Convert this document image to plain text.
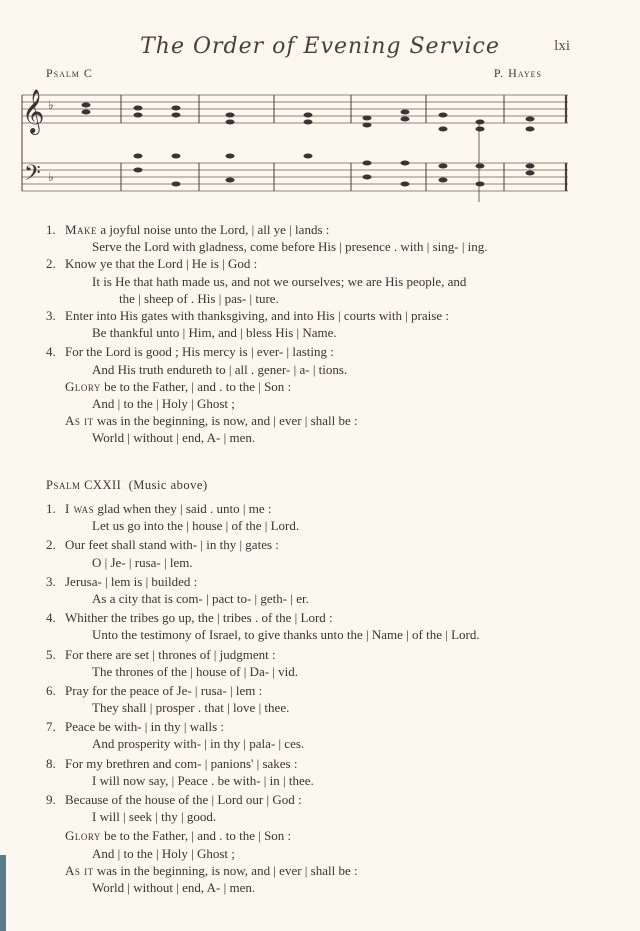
The Order of Evening Service	lxi
Psalm C	P. Hayes
𝄞
𝄢
♭
♭
1. Make a joyful noise unto the Lord, | all ye | lands :
Serve the Lord with gladness, come before His | presence . with | sing- | ing.
2. Know ye that the Lord | He is | God :
It is He that hath made us, and not we ourselves; we are His people, and
the | sheep of . His | pas- | ture.
3. Enter into His gates with thanksgiving, and into His | courts with | praise :
Be thankful unto | Him, and | bless His | Name.
4. For the Lord is good ; His mercy is | ever- | lasting :
And His truth endureth to | all . gener- | a- | tions.
Glory be to the Father, | and . to the | Son :
And | to the | Holy | Ghost ;
As it was in the beginning, is now, and | ever | shall be :
World | without | end, A- | men.
Psalm CXXII (Music above)
1. I was glad when they | said . unto | me :
Let us go into the | house | of the | Lord.
2. Our feet shall stand with- | in thy | gates :
O | Je- | rusa- | lem.
3. Jerusa- | lem is | builded :
As a city that is com- | pact to- | geth- | er.
4. Whither the tribes go up, the | tribes . of the | Lord :
Unto the testimony of Israel, to give thanks unto the | Name | of the | Lord.
5. For there are set | thrones of | judgment :
The thrones of the | house of | Da- | vid.
6. Pray for the peace of Je- | rusa- | lem :
They shall | prosper . that | love | thee.
7. Peace be with- | in thy | walls :
And prosperity with- | in thy | pala- | ces.
8. For my brethren and com- | panions' | sakes :
I will now say, | Peace . be with- | in | thee.
9. Because of the house of the | Lord our | God :
I will | seek | thy | good.
Glory be to the Father, | and . to the | Son :
And | to the | Holy | Ghost ;
As it was in the beginning, is now, and | ever | shall be :
World | without | end, A- | men.
